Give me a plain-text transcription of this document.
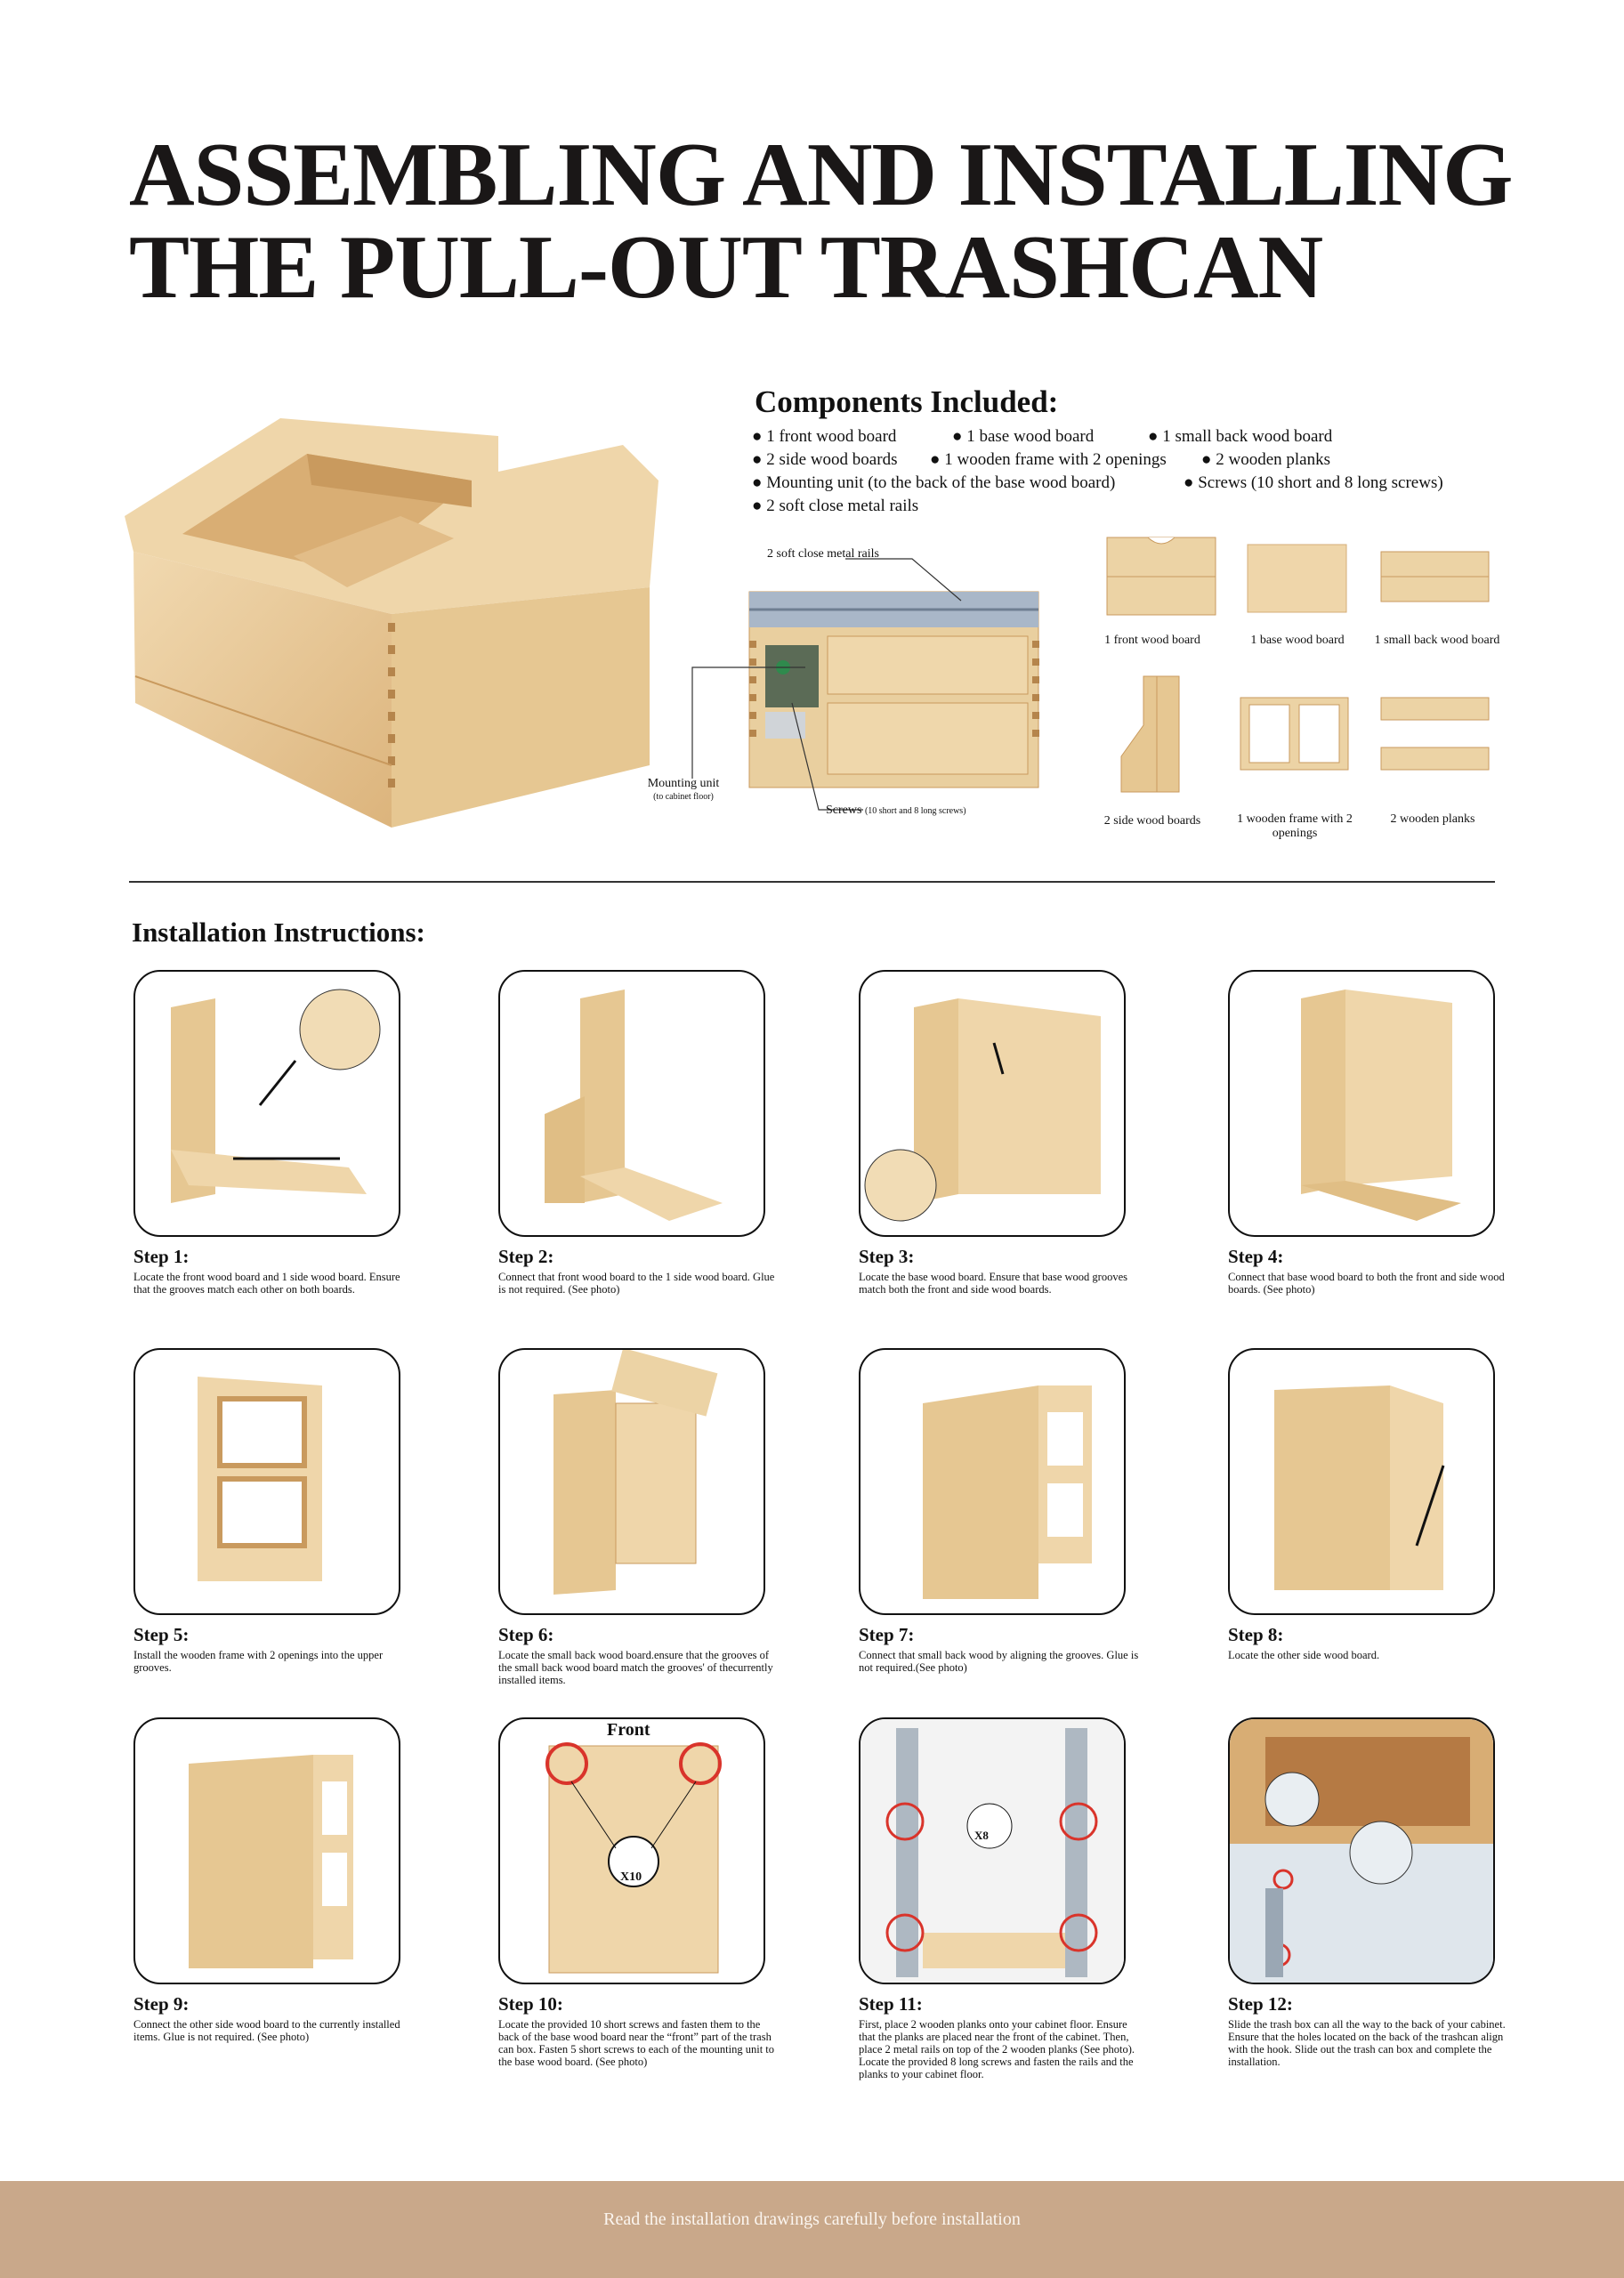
ASSEMBLING AND INSTALLING
THE PULL-OUT TRASHCAN
Components Included:
● 1 front wood board	● 1 base wood board	● 1 small back wood board
● 2 side wood boards ● 1 wooden frame with 2 openings ● 2 wooden planks
● Mounting unit (to the back of the base wood board)	● Screws (10 short and 8 long screws)
● 2 soft close metal rails
2 soft close metal rails
Mounting unit
(to cabinet floor)
Screws (10 short and 8 long screws)
1 front wood board	1 base wood board	1 small back wood board
2 side wood boards	1 wooden frame with 2 openings
2 wooden planks
Installation Instructions:
Step 1:
Locate the front wood board and 1 side wood board. Ensure that the grooves match each other on both boards.
Step 2:
Connect that front wood board to the 1 side wood board. Glue is not required. (See photo)
Step 3:
Locate the base wood board. Ensure that base wood grooves match both the front and side wood boards.
Step 4:
Connect that base wood board to both the front and side wood boards. (See photo)
Step 5:
Install the wooden frame with 2 openings into the upper grooves.
Step 6:
Locate the small back wood board.ensure that the grooves of the small back wood board match the grooves' of thecurrently installed items.
Step 7:
Connect that small back wood by aligning the grooves. Glue is not required.(See photo)
Step 8:
Locate the other side wood board.
Step 9:
Connect the other side wood board to the currently installed items. Glue is not required. (See photo)
Step 10:
Locate the provided 10 short screws and fasten them to the back of the base wood board near the “front” part of the trash can box. Fasten 5 short screws to each of the mounting unit to the base wood board. (See photo)
Step 11:
First, place 2 wooden planks onto your cabinet floor. Ensure that the planks are placed near the front of the cabinet. Then, place 2 metal rails on top of the 2 wooden planks (See photo). Locate the provided 8 long screws and fasten the rails and the planks to your cabinet floor.
Step 12:
Slide the trash box can all the way to the back of your cabinet. Ensure that the holes located on the back of the trashcan align with the hook. Slide out the trash can box and complete the installation.
Front
X10
X8
Read the installation drawings carefully before installation
